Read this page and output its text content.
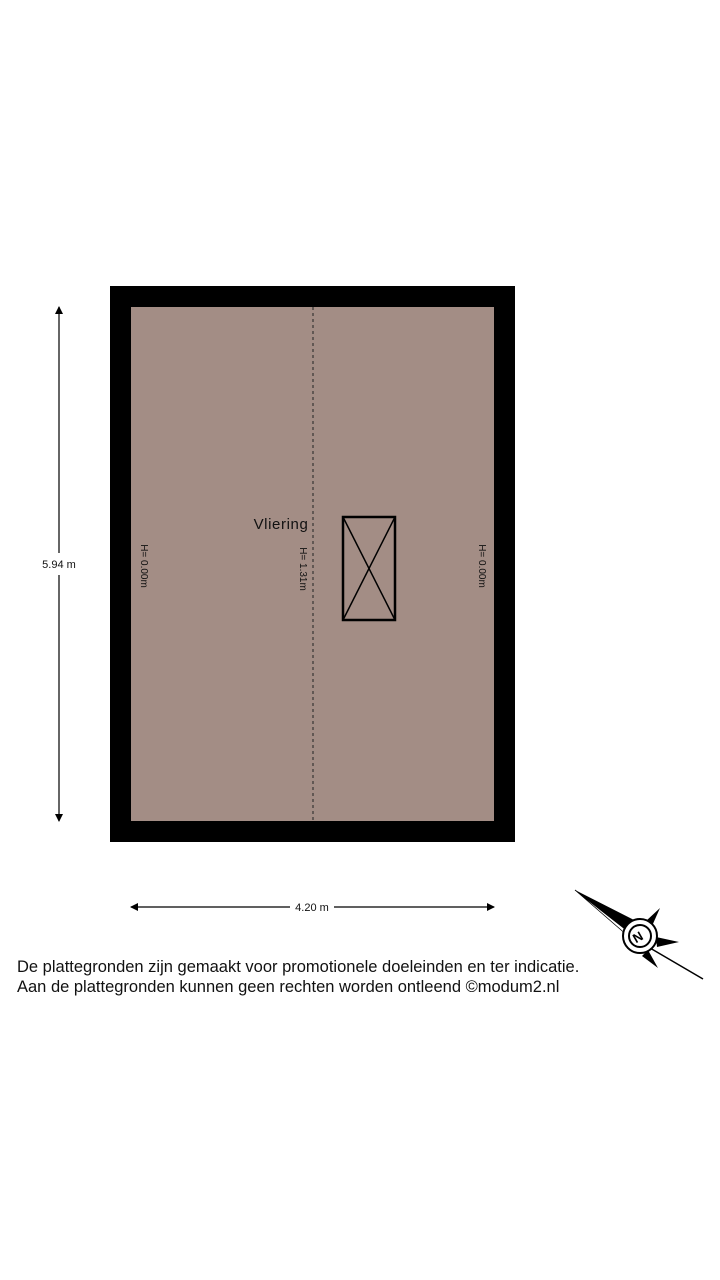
Vliering
H= 0.00m	H= 1.31m	H= 0.00m
5.94 m
4.20 m
N
De plattegronden zijn gemaakt voor promotionele doeleinden en ter indicatie.
Aan de plattegronden kunnen geen rechten worden ontleend ©modum2.nl
